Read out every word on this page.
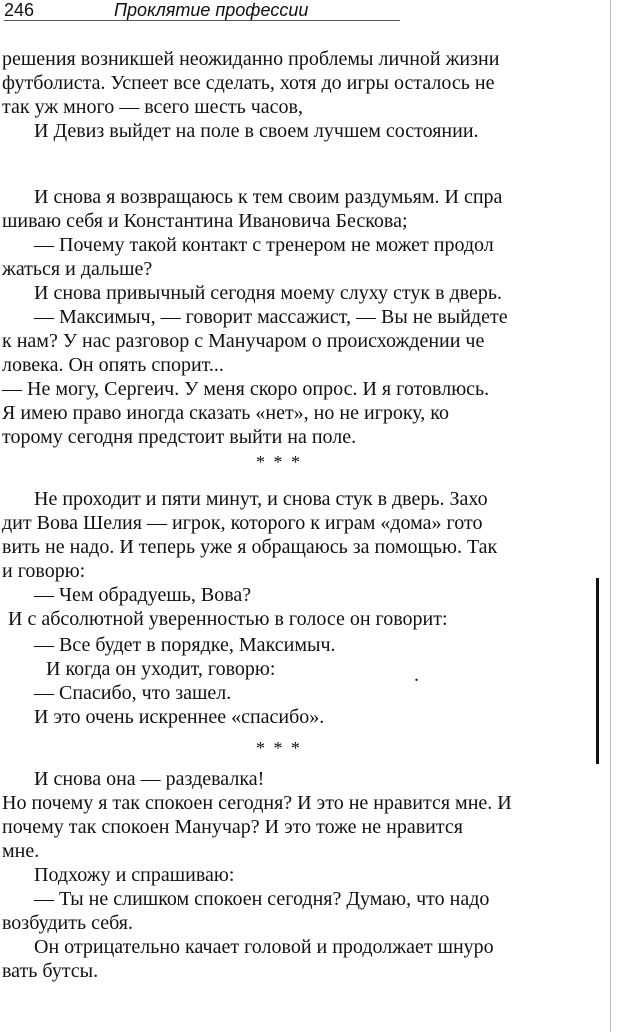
246	Проклятие профессии
решения возникшей неожиданно проблемы личной жизни
футболиста. Успеет все сделать, хотя до игры осталось не
так уж много — всего шесть часов,
И Девиз выйдет на поле в своем лучшем состоянии.
И снова я возвращаюсь к тем своим раздумьям. И спра
шиваю себя и Константина Ивановича Бескова;
— Почему такой контакт с тренером не может продол
жаться и дальше?
И снова привычный сегодня моему слуху стук в дверь.
— Максимыч, — говорит массажист, — Вы не выйдете
к нам? У нас разговор с Манучаром о происхождении че
ловека. Он опять спорит...
— Не могу, Сергеич. У меня скоро опрос. И я готовлюсь.
Я имею право иногда сказать «нет», но не игроку, ко
торому сегодня предстоит выйти на поле.
* * *
Не проходит и пяти минут, и снова стук в дверь. Захо
дит Вова Шелия — игрок, которого к играм «дома» гото
вить не надо. И теперь уже я обращаюсь за помощью. Так
и говорю:
— Чем обрадуешь, Вова?
И с абсолютной уверенностью в голосе он говорит:
— Все будет в порядке, Максимыч.
И когда он уходит, говорю:
— Спасибо, что зашел.
И это очень искреннее «спасибо».
* * *
И снова она — раздевалка!
Но почему я так спокоен сегодня? И это не нравится мне. И
почему так спокоен Манучар? И это тоже не нравится
мне.
Подхожу и спрашиваю:
— Ты не слишком спокоен сегодня? Думаю, что надо
возбудить себя.
Он отрицательно качает головой и продолжает шнуро
вать бутсы.
.
